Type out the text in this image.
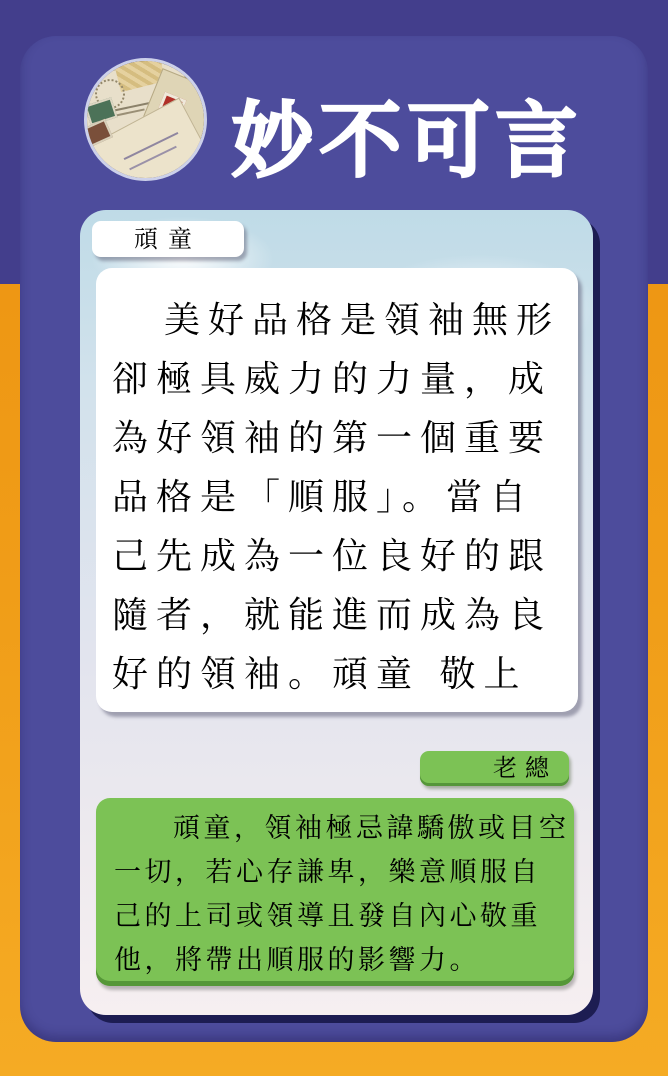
妙不可言
頑童
美好品格是領袖無形
卻極具威力的力量，成
為好領袖的第一個重要
品格是「順服」。當自
己先成為一位良好的跟
隨者，就能進而成為良
好的領袖。頑童 敬上
老總
頑童，領袖極忌諱驕傲或目空
一切，若心存謙卑，樂意順服自
己的上司或領導且發自內心敬重
他，將帶出順服的影響力。
